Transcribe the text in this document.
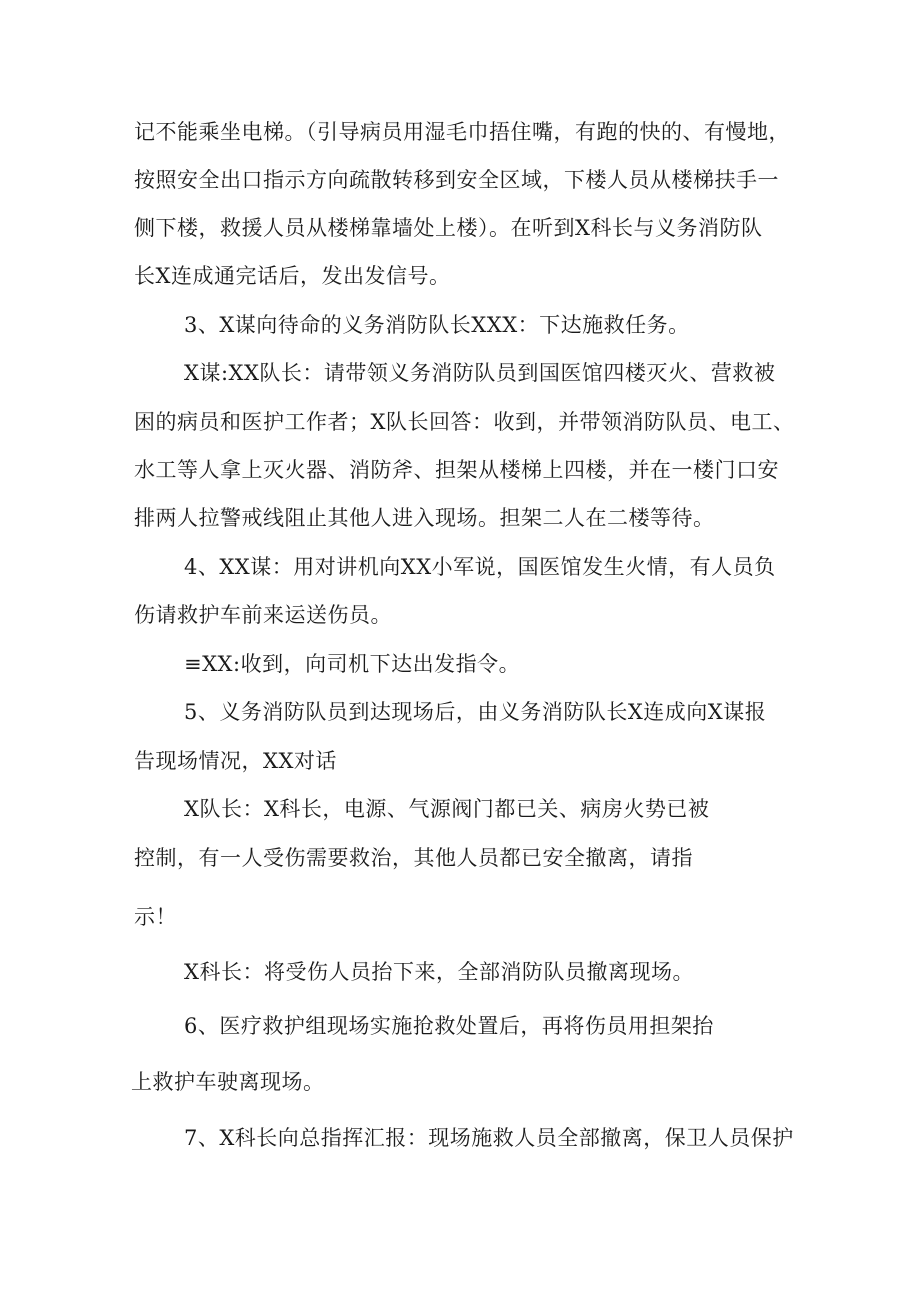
记不能乘坐电梯。（引导病员用湿毛巾捂住嘴，有跑的快的、有慢地，

按照安全出口指示方向疏散转移到安全区域，下楼人员从楼梯扶手一

侧下楼，救援人员从楼梯靠墙处上楼）。在听到X科长与义务消防队

长X连成通完话后，发出发信号。

3、X谋向待命的义务消防队长XXX：下达施救任务。

X谋:XX队长：请带领义务消防队员到国医馆四楼灭火、营救被

困的病员和医护工作者；X队长回答：收到，并带领消防队员、电工、

水工等人拿上灭火器、消防斧、担架从楼梯上四楼，并在一楼门口安

排两人拉警戒线阻止其他人进入现场。担架二人在二楼等待。

4、XX谋：用对讲机向XX小军说，国医馆发生火情，有人员负

伤请救护车前来运送伤员。

≡XX:收到，向司机下达出发指令。

5、义务消防队员到达现场后，由义务消防队长X连成向X谋报

告现场情况，XX对话

X队长：X科长，电源、气源阀门都已关、病房火势已被

控制，有一人受伤需要救治，其他人员都已安全撤离，请指

示！

X科长：将受伤人员抬下来，全部消防队员撤离现场。

6、医疗救护组现场实施抢救处置后，再将伤员用担架抬

上救护车驶离现场。

7、X科长向总指挥汇报：现场施救人员全部撤离，保卫人员保护
